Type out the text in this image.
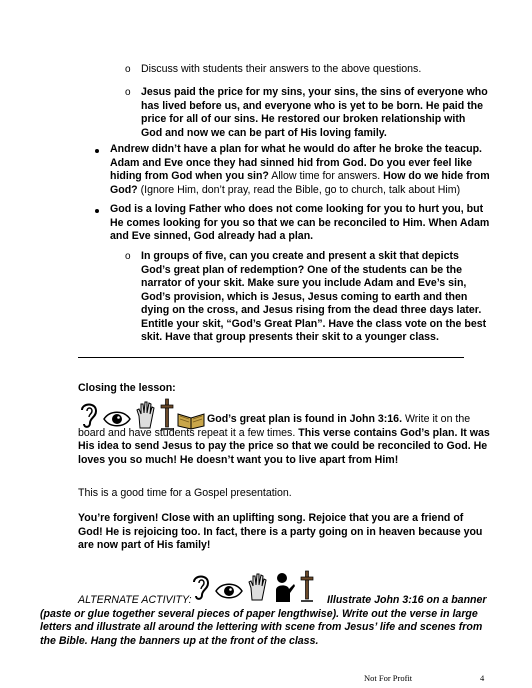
o Discuss with students their answers to the above questions.

o Jesus paid the price for my sins, your sins, the sins of everyone who

has lived before us, and everyone who is yet to be born. He paid the

price for all of our sins. He restored our broken relationship with

God and now we can be part of His loving family.

Andrew didn’t have a plan for what he would do after he broke the teacup.

Adam and Eve once they had sinned hid from God. Do you ever feel like

hiding from God when you sin? Allow time for answers. How do we hide from

God? (Ignore Him, don’t pray, read the Bible, go to church, talk about Him)

God is a loving Father who does not come looking for you to hurt you, but

He comes looking for you so that we can be reconciled to Him. When Adam

and Eve sinned, God already had a plan.

o In groups of five, can you create and present a skit that depicts

God’s great plan of redemption? One of the students can be the

narrator of your skit. Make sure you include Adam and Eve’s sin,

God’s provision, which is Jesus, Jesus coming to earth and then

dying on the cross, and Jesus rising from the dead three days later.

Entitle your skit, “God’s Great Plan”. Have the class vote on the best

skit. Have that group presents their skit to a younger class.

Closing the lesson:

God’s great plan is found in John 3:16. Write it on the

board and have students repeat it a few times. This verse contains God’s plan. It was

His idea to send Jesus to pay the price so that we could be reconciled to God. He

loves you so much! He doesn’t want you to live apart from Him!

This is a good time for a Gospel presentation.

You’re forgiven! Close with an uplifting song. Rejoice that you are a friend of

God! He is rejoicing too. In fact, there is a party going on in heaven because you

are now part of His family!

ALTERNATE ACTIVITY:	Illustrate John 3:16 on a banner

(paste or glue together several pieces of paper lengthwise). Write out the verse in large

letters and illustrate all around the lettering with scene from Jesus’ life and scenes from

the Bible. Hang the banners up at the front of the class.

Not For Profit	4
